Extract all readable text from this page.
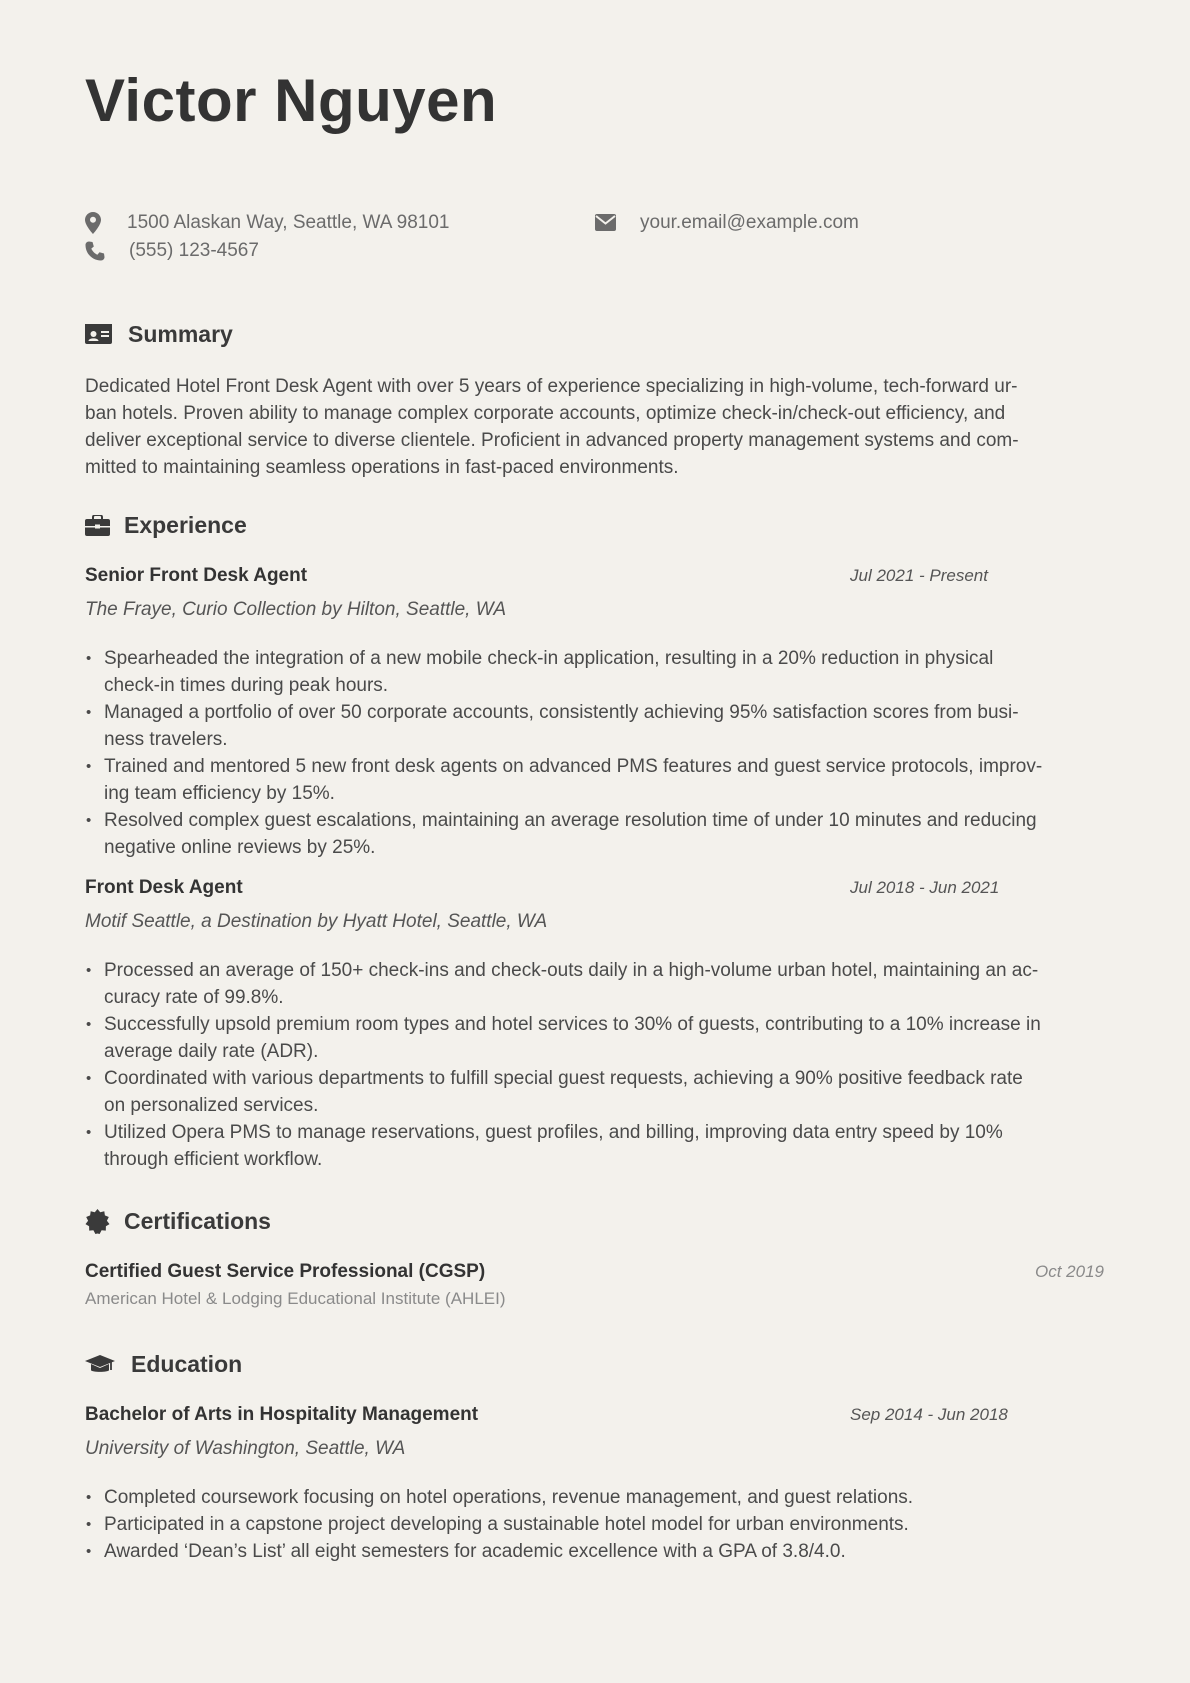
Victor Nguyen
1500 Alaskan Way, Seattle, WA 98101	your.email@example.com
(555) 123-4567
Summary
Dedicated Hotel Front Desk Agent with over 5 years of experience specializing in high-volume, tech-forward ur-
ban hotels. Proven ability to manage complex corporate accounts, optimize check-in/check-out efficiency, and
deliver exceptional service to diverse clientele. Proficient in advanced property management systems and com-
mitted to maintaining seamless operations in fast-paced environments.
Experience
Senior Front Desk Agent	Jul 2021 - Present
The Fraye, Curio Collection by Hilton, Seattle, WA
• Spearheaded the integration of a new mobile check-in application, resulting in a 20% reduction in physical
check-in times during peak hours.
• Managed a portfolio of over 50 corporate accounts, consistently achieving 95% satisfaction scores from busi-
ness travelers.
• Trained and mentored 5 new front desk agents on advanced PMS features and guest service protocols, improv-
ing team efficiency by 15%.
• Resolved complex guest escalations, maintaining an average resolution time of under 10 minutes and reducing
negative online reviews by 25%.
Front Desk Agent	Jul 2018 - Jun 2021
Motif Seattle, a Destination by Hyatt Hotel, Seattle, WA
• Processed an average of 150+ check-ins and check-outs daily in a high-volume urban hotel, maintaining an ac-
curacy rate of 99.8%.
• Successfully upsold premium room types and hotel services to 30% of guests, contributing to a 10% increase in
average daily rate (ADR).
• Coordinated with various departments to fulfill special guest requests, achieving a 90% positive feedback rate
on personalized services.
• Utilized Opera PMS to manage reservations, guest profiles, and billing, improving data entry speed by 10%
through efficient workflow.
Certifications
Certified Guest Service Professional (CGSP)	Oct 2019
American Hotel & Lodging Educational Institute (AHLEI)
Education
Bachelor of Arts in Hospitality Management	Sep 2014 - Jun 2018
University of Washington, Seattle, WA
• Completed coursework focusing on hotel operations, revenue management, and guest relations.
• Participated in a capstone project developing a sustainable hotel model for urban environments.
• Awarded ‘Dean’s List’ all eight semesters for academic excellence with a GPA of 3.8/4.0.
